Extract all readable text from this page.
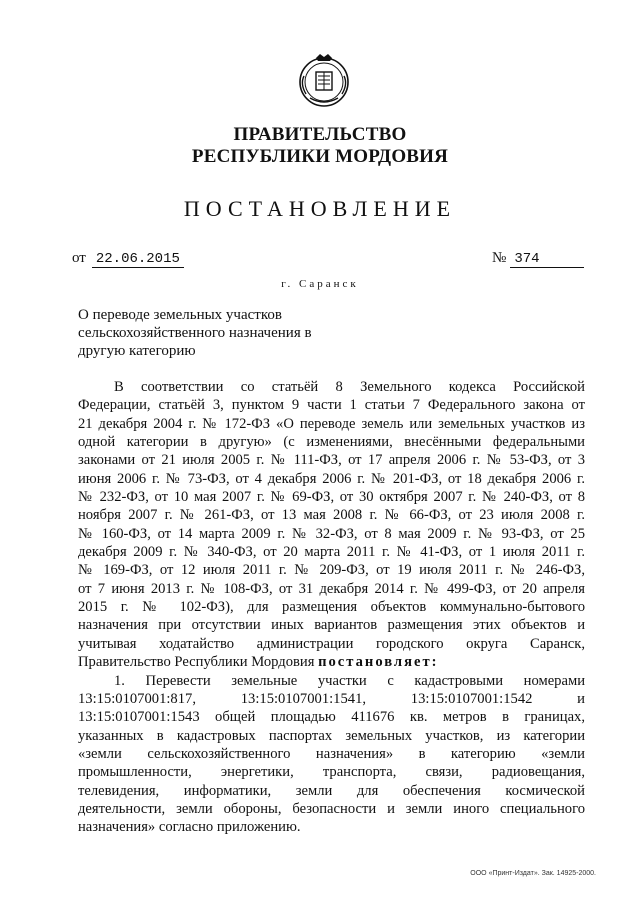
ПРАВИТЕЛЬСТВО
РЕСПУБЛИКИ МОРДОВИЯ
ПОСТАНОВЛЕНИЕ
от 22.06.2015	№ 374
г. Саранск
О переводе земельных участков
сельскохозяйственного назначения в
другую категорию
В соответствии со статьёй 8 Земельного кодекса Российской
Федерации, статьёй 3, пунктом 9 части 1 статьи 7 Федерального закона от
21 декабря 2004 г. № 172-ФЗ «О переводе земель или земельных участков из
одной категории в другую» (с изменениями, внесёнными федеральными
законами от 21 июля 2005 г. № 111-ФЗ, от 17 апреля 2006 г. № 53-ФЗ, от 3
июня 2006 г. № 73-ФЗ, от 4 декабря 2006 г. № 201-ФЗ, от 18 декабря 2006 г.
№ 232-ФЗ, от 10 мая 2007 г. № 69-ФЗ, от 30 октября 2007 г. № 240-ФЗ, от 8
ноября 2007 г. № 261-ФЗ, от 13 мая 2008 г. № 66-ФЗ, от 23 июля 2008 г.
№ 160-ФЗ, от 14 марта 2009 г. № 32-ФЗ, от 8 мая 2009 г. № 93-ФЗ, от 25
декабря 2009 г. № 340-ФЗ, от 20 марта 2011 г. № 41-ФЗ, от 1 июля 2011 г.
№ 169-ФЗ, от 12 июля 2011 г. № 209-ФЗ, от 19 июля 2011 г. № 246-ФЗ,
от 7 июня 2013 г. № 108-ФЗ, от 31 декабря 2014 г. № 499-ФЗ, от 20 апреля
2015 г. № 102-ФЗ), для размещения объектов коммунально-бытового
назначения при отсутствии иных вариантов размещения этих объектов и
учитывая ходатайство администрации городского округа Саранск,
Правительство Республики Мордовия постановляет:
1. Перевести земельные участки с кадастровыми номерами
13:15:0107001:817, 13:15:0107001:1541, 13:15:0107001:1542 и
13:15:0107001:1543 общей площадью 411676 кв. метров в границах,
указанных в кадастровых паспортах земельных участков, из категории
«земли сельскохозяйственного назначения» в категорию «земли
промышленности, энергетики, транспорта, связи, радиовещания,
телевидения, информатики, земли для обеспечения космической
деятельности, земли обороны, безопасности и земли иного специального
назначения» согласно приложению.
ООО «Принт-Издат». Зак. 14925-2000.
